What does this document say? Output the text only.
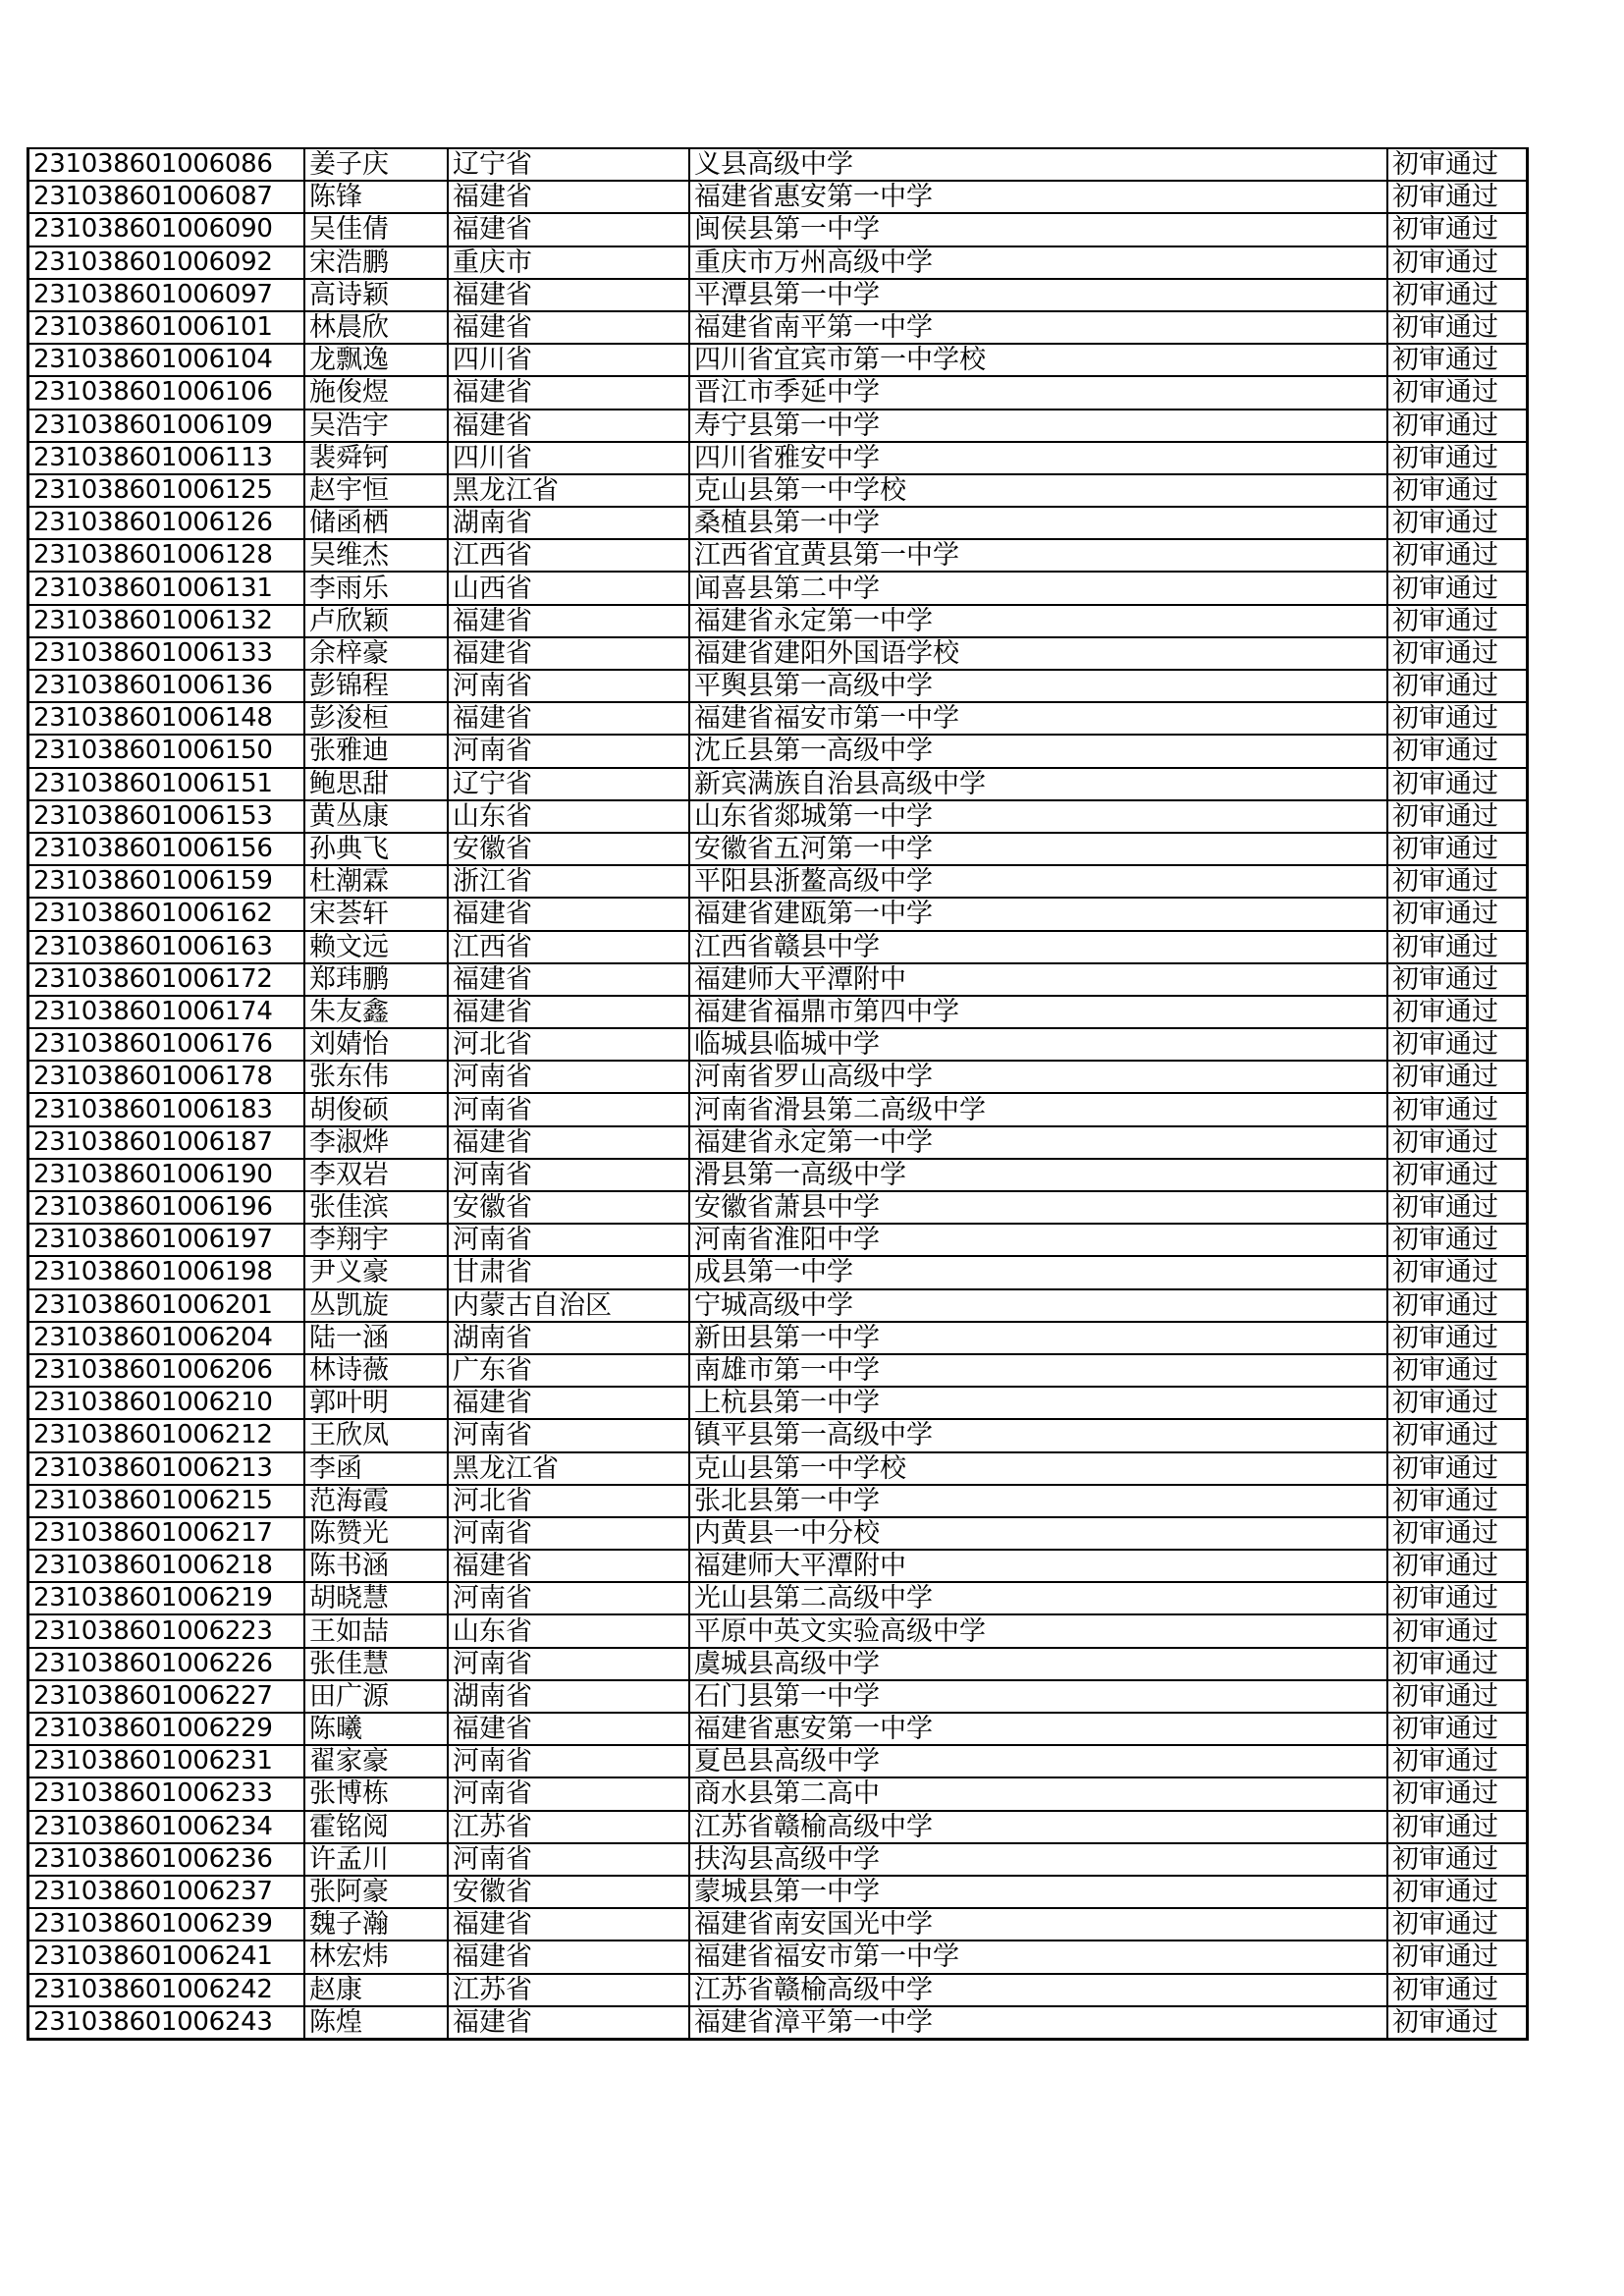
231038601006086	姜子庆	辽宁省	义县高级中学	初审通过
231038601006087	陈锋	福建省	福建省惠安第一中学	初审通过
231038601006090	吴佳倩	福建省	闽侯县第一中学	初审通过
231038601006092	宋浩鹏	重庆市	重庆市万州高级中学	初审通过
231038601006097	高诗颖	福建省	平潭县第一中学	初审通过
231038601006101	林晨欣	福建省	福建省南平第一中学	初审通过
231038601006104	龙飘逸	四川省	四川省宜宾市第一中学校	初审通过
231038601006106	施俊煜	福建省	晋江市季延中学	初审通过
231038601006109	吴浩宇	福建省	寿宁县第一中学	初审通过
231038601006113	裴舜钶	四川省	四川省雅安中学	初审通过
231038601006125	赵宇恒	黑龙江省	克山县第一中学校	初审通过
231038601006126	储函栖	湖南省	桑植县第一中学	初审通过
231038601006128	吴维杰	江西省	江西省宜黄县第一中学	初审通过
231038601006131	李雨乐	山西省	闻喜县第二中学	初审通过
231038601006132	卢欣颖	福建省	福建省永定第一中学	初审通过
231038601006133	余梓豪	福建省	福建省建阳外国语学校	初审通过
231038601006136	彭锦程	河南省	平舆县第一高级中学	初审通过
231038601006148	彭浚桓	福建省	福建省福安市第一中学	初审通过
231038601006150	张雅迪	河南省	沈丘县第一高级中学	初审通过
231038601006151	鲍思甜	辽宁省	新宾满族自治县高级中学	初审通过
231038601006153	黄丛康	山东省	山东省郯城第一中学	初审通过
231038601006156	孙典飞	安徽省	安徽省五河第一中学	初审通过
231038601006159	杜潮霖	浙江省	平阳县浙鳌高级中学	初审通过
231038601006162	宋荟轩	福建省	福建省建瓯第一中学	初审通过
231038601006163	赖文远	江西省	江西省赣县中学	初审通过
231038601006172	郑玮鹏	福建省	福建师大平潭附中	初审通过
231038601006174	朱友鑫	福建省	福建省福鼎市第四中学	初审通过
231038601006176	刘婧怡	河北省	临城县临城中学	初审通过
231038601006178	张东伟	河南省	河南省罗山高级中学	初审通过
231038601006183	胡俊硕	河南省	河南省滑县第二高级中学	初审通过
231038601006187	李淑烨	福建省	福建省永定第一中学	初审通过
231038601006190	李双岩	河南省	滑县第一高级中学	初审通过
231038601006196	张佳滨	安徽省	安徽省萧县中学	初审通过
231038601006197	李翔宇	河南省	河南省淮阳中学	初审通过
231038601006198	尹义豪	甘肃省	成县第一中学	初审通过
231038601006201	丛凯旋	内蒙古自治区	宁城高级中学	初审通过
231038601006204	陆一涵	湖南省	新田县第一中学	初审通过
231038601006206	林诗薇	广东省	南雄市第一中学	初审通过
231038601006210	郭叶明	福建省	上杭县第一中学	初审通过
231038601006212	王欣凤	河南省	镇平县第一高级中学	初审通过
231038601006213	李函	黑龙江省	克山县第一中学校	初审通过
231038601006215	范海霞	河北省	张北县第一中学	初审通过
231038601006217	陈赞光	河南省	内黄县一中分校	初审通过
231038601006218	陈书涵	福建省	福建师大平潭附中	初审通过
231038601006219	胡晓慧	河南省	光山县第二高级中学	初审通过
231038601006223	王如喆	山东省	平原中英文实验高级中学	初审通过
231038601006226	张佳慧	河南省	虞城县高级中学	初审通过
231038601006227	田广源	湖南省	石门县第一中学	初审通过
231038601006229	陈曦	福建省	福建省惠安第一中学	初审通过
231038601006231	翟家豪	河南省	夏邑县高级中学	初审通过
231038601006233	张博栋	河南省	商水县第二高中	初审通过
231038601006234	霍铭阅	江苏省	江苏省赣榆高级中学	初审通过
231038601006236	许孟川	河南省	扶沟县高级中学	初审通过
231038601006237	张阿豪	安徽省	蒙城县第一中学	初审通过
231038601006239	魏子瀚	福建省	福建省南安国光中学	初审通过
231038601006241	林宏炜	福建省	福建省福安市第一中学	初审通过
231038601006242	赵康	江苏省	江苏省赣榆高级中学	初审通过
231038601006243	陈煌	福建省	福建省漳平第一中学	初审通过
